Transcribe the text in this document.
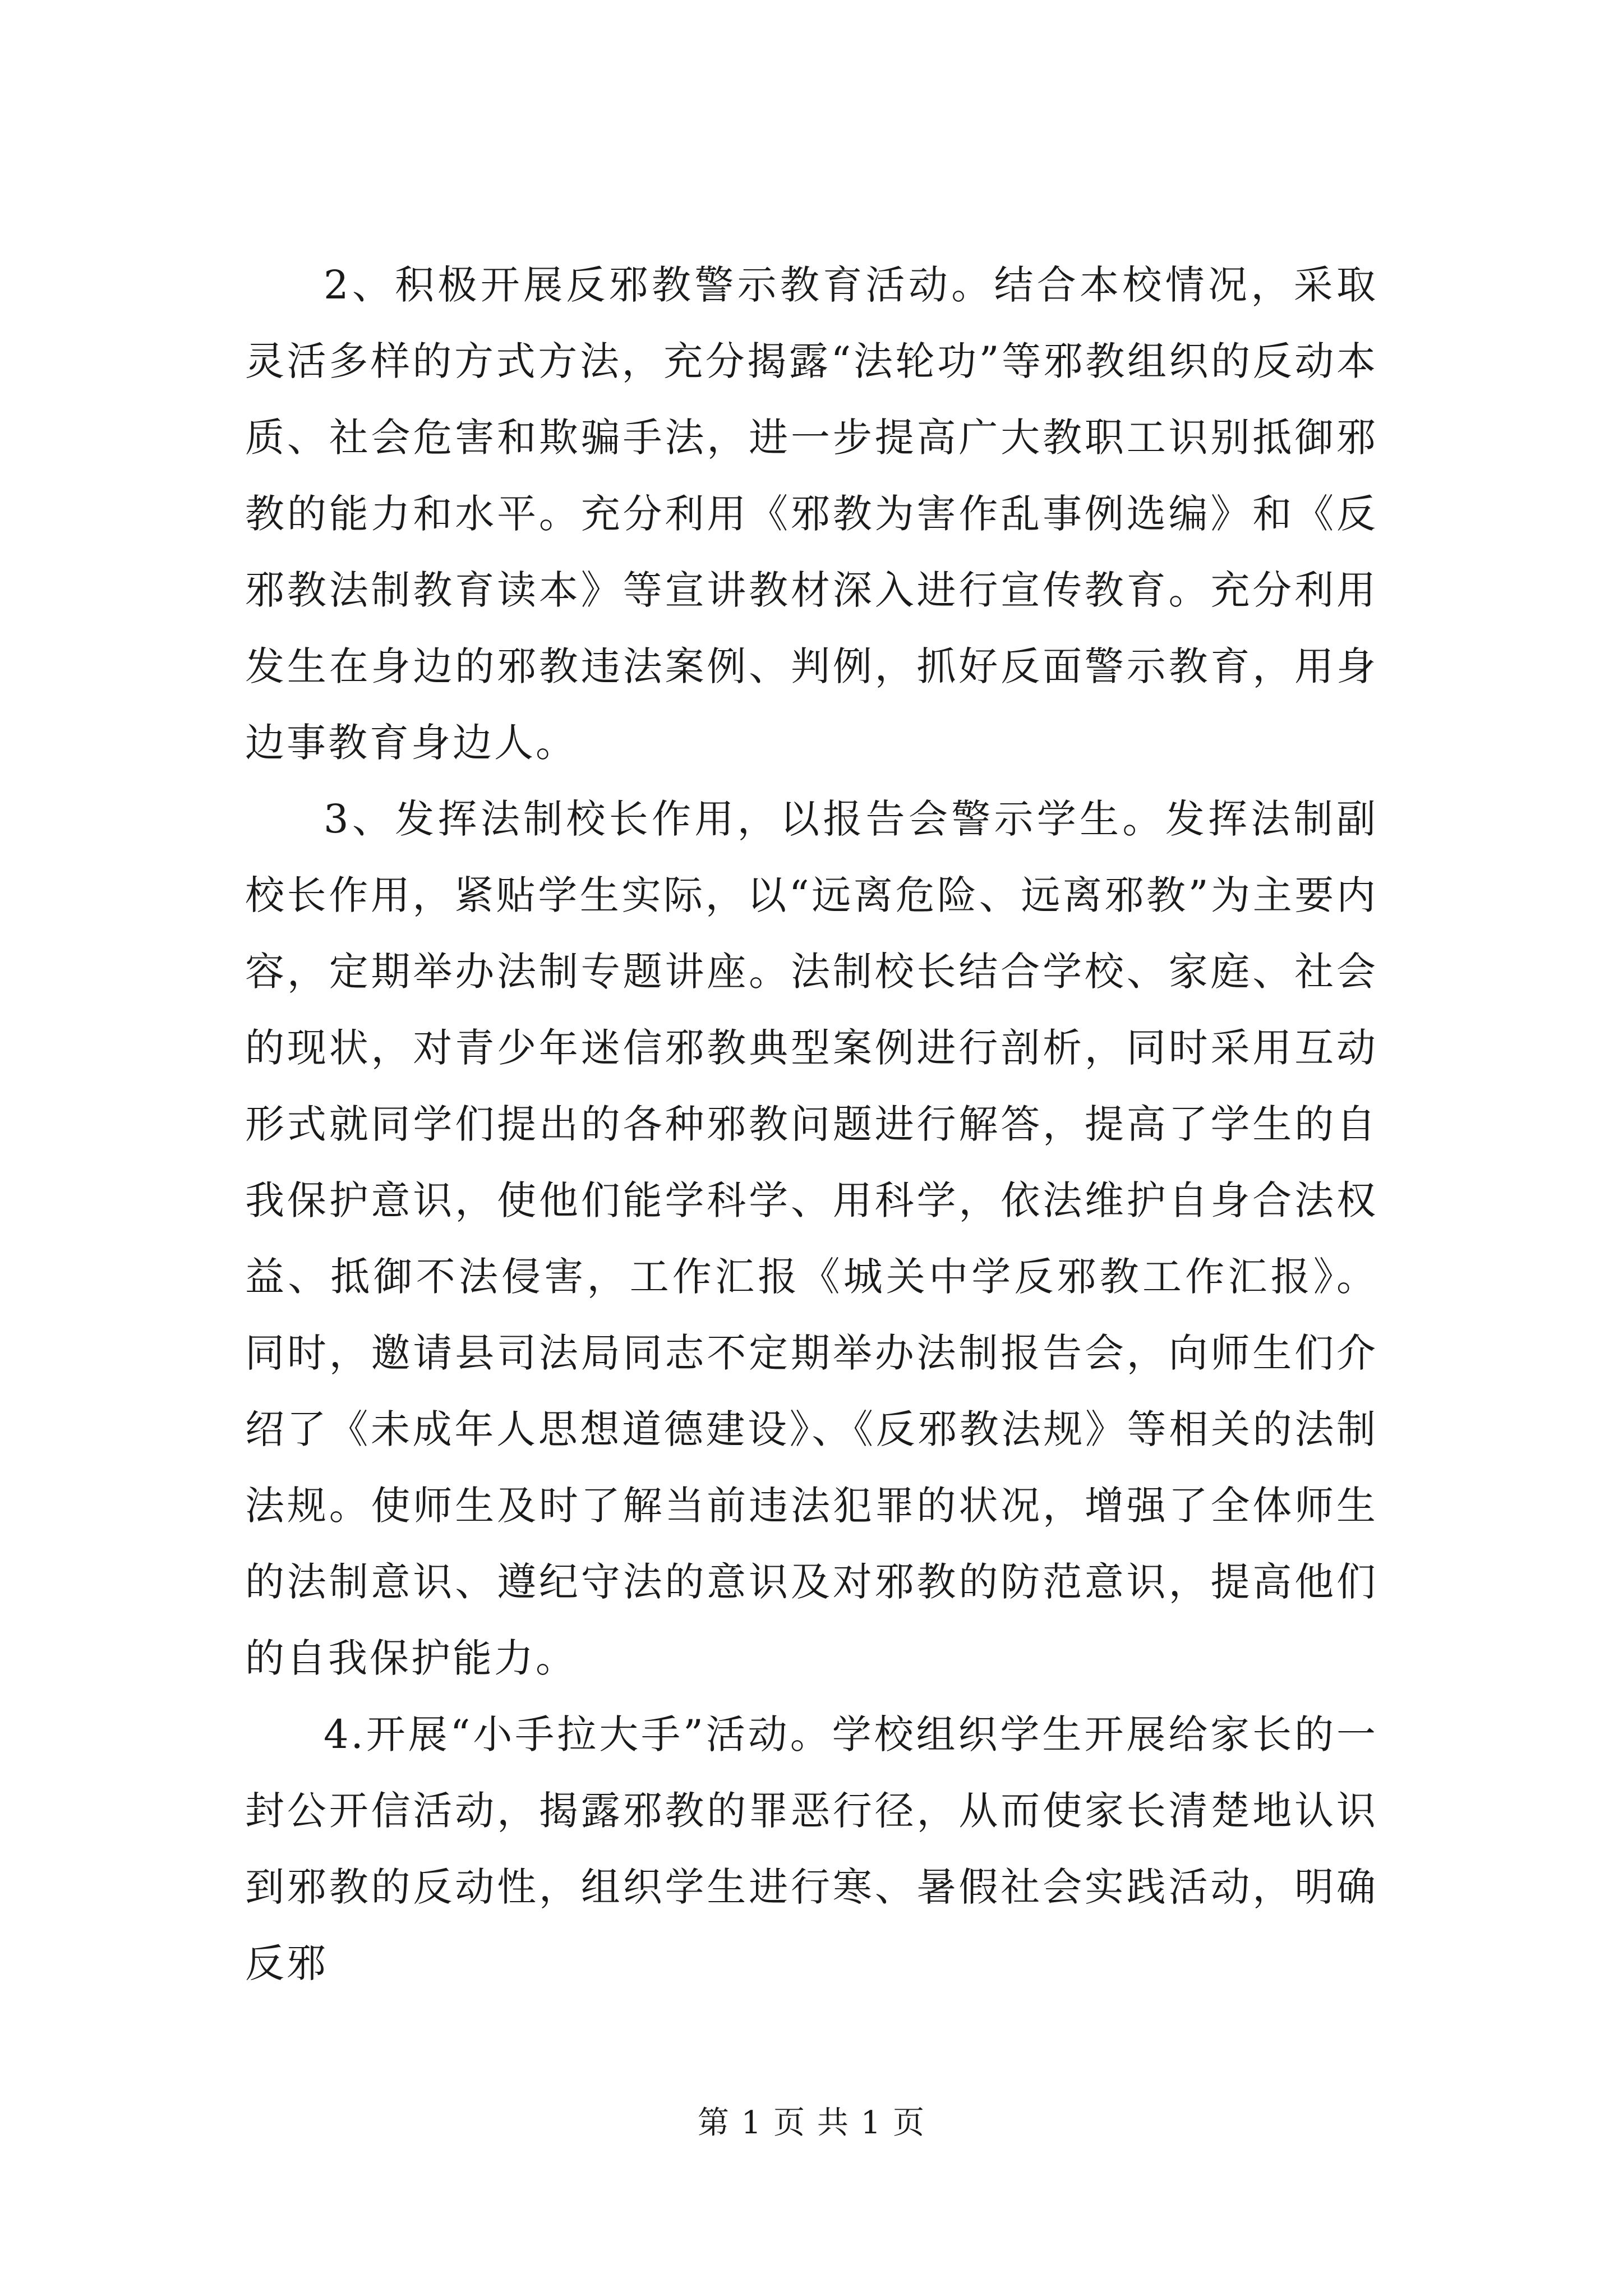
2、积极开展反邪教警示教育活动。结合本校情况，采取灵活多样的方式方法，充分揭露“法轮功”等邪教组织的反动本质、社会危害和欺骗手法，进一步提高广大教职工识别抵御邪教的能力和水平。充分利用《邪教为害作乱事例选编》和《反邪教法制教育读本》等宣讲教材深入进行宣传教育。充分利用发生在身边的邪教违法案例、判例，抓好反面警示教育，用身边事教育身边人。

3、发挥法制校长作用，以报告会警示学生。发挥法制副校长作用，紧贴学生实际，以“远离危险、远离邪教”为主要内容，定期举办法制专题讲座。法制校长结合学校、家庭、社会的现状，对青少年迷信邪教典型案例进行剖析，同时采用互动形式就同学们提出的各种邪教问题进行解答，提高了学生的自我保护意识，使他们能学科学、用科学，依法维护自身合法权益、抵御不法侵害，工作汇报《城关中学反邪教工作汇报》。同时，邀请县司法局同志不定期举办法制报告会，向师生们介绍了《未成年人思想道德建设》、《反邪教法规》等相关的法制法规。使师生及时了解当前违法犯罪的状况，增强了全体师生的法制意识、遵纪守法的意识及对邪教的防范意识，提高他们的自我保护能力。

4.开展“小手拉大手”活动。学校组织学生开展给家长的一封公开信活动，揭露邪教的罪恶行径，从而使家长清楚地认识到邪教的反动性，组织学生进行寒、暑假社会实践活动，明确反邪

第 1 页 共 1 页
